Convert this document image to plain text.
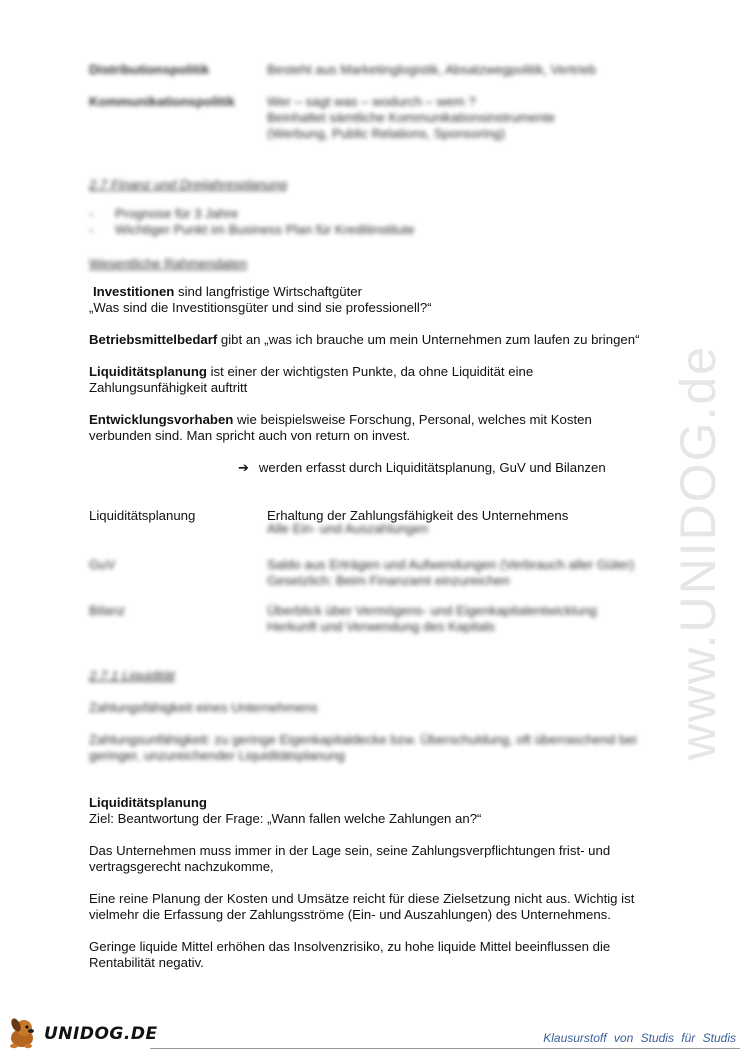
www.UNIDOG.de
Distributionspolitik	Besteht aus Marketinglogistik, Absatzwegpolitik, Vertrieb
Kommunikationspolitik	Wer – sagt was – wodurch – wem ?
Beinhaltet sämtliche Kommunikationsinstrumente
(Werbung, Public Relations, Sponsoring)
2.7 Finanz und Dreijahresplanung
- Prognose für 3 Jahre
- Wichtiger Punkt im Business Plan für Kreditinstitute
Wesentliche Rahmendaten
Investitionen sind langfristige Wirtschaftgüter
„Was sind die Investitionsgüter und sind sie professionell?“
Betriebsmittelbedarf gibt an „was ich brauche um mein Unternehmen zum laufen zu bringen“
Liquiditätsplanung ist einer der wichtigsten Punkte, da ohne Liquidität eine
Zahlungsunfähigkeit auftritt
Entwicklungsvorhaben wie beispielsweise Forschung, Personal, welches mit Kosten
verbunden sind. Man spricht auch von return on invest.
➔ werden erfasst durch Liquiditätsplanung, GuV und Bilanzen
Liquiditätsplanung	Erhaltung der Zahlungsfähigkeit des Unternehmens
Alle Ein- und Auszahlungen
GuV	Saldo aus Erträgen und Aufwendungen (Verbrauch aller Güter)
Gesetzlich: Beim Finanzamt einzureichen
Bilanz	Überblick über Vermögens- und Eigenkapitalentwicklung
Herkunft und Verwendung des Kapitals
2.7.1 Liquidität
Zahlungsfähigkeit eines Unternehmens
Zahlungsunfähigkeit: zu geringe Eigenkapitaldecke bzw. Überschuldung, oft überraschend bei
geringer, unzureichender Liquiditätsplanung
Liquiditätsplanung
Ziel: Beantwortung der Frage: „Wann fallen welche Zahlungen an?“
Das Unternehmen muss immer in der Lage sein, seine Zahlungsverpflichtungen frist- und
vertragsgerecht nachzukomme,
Eine reine Planung der Kosten und Umsätze reicht für diese Zielsetzung nicht aus. Wichtig ist
vielmehr die Erfassung der Zahlungsströme (Ein- und Auszahlungen) des Unternehmens.
Geringe liquide Mittel erhöhen das Insolvenzrisiko, zu hohe liquide Mittel beeinflussen die
Rentabilität negativ.
UNIDOG.DE	Klausurstoff von Studis für Studis
